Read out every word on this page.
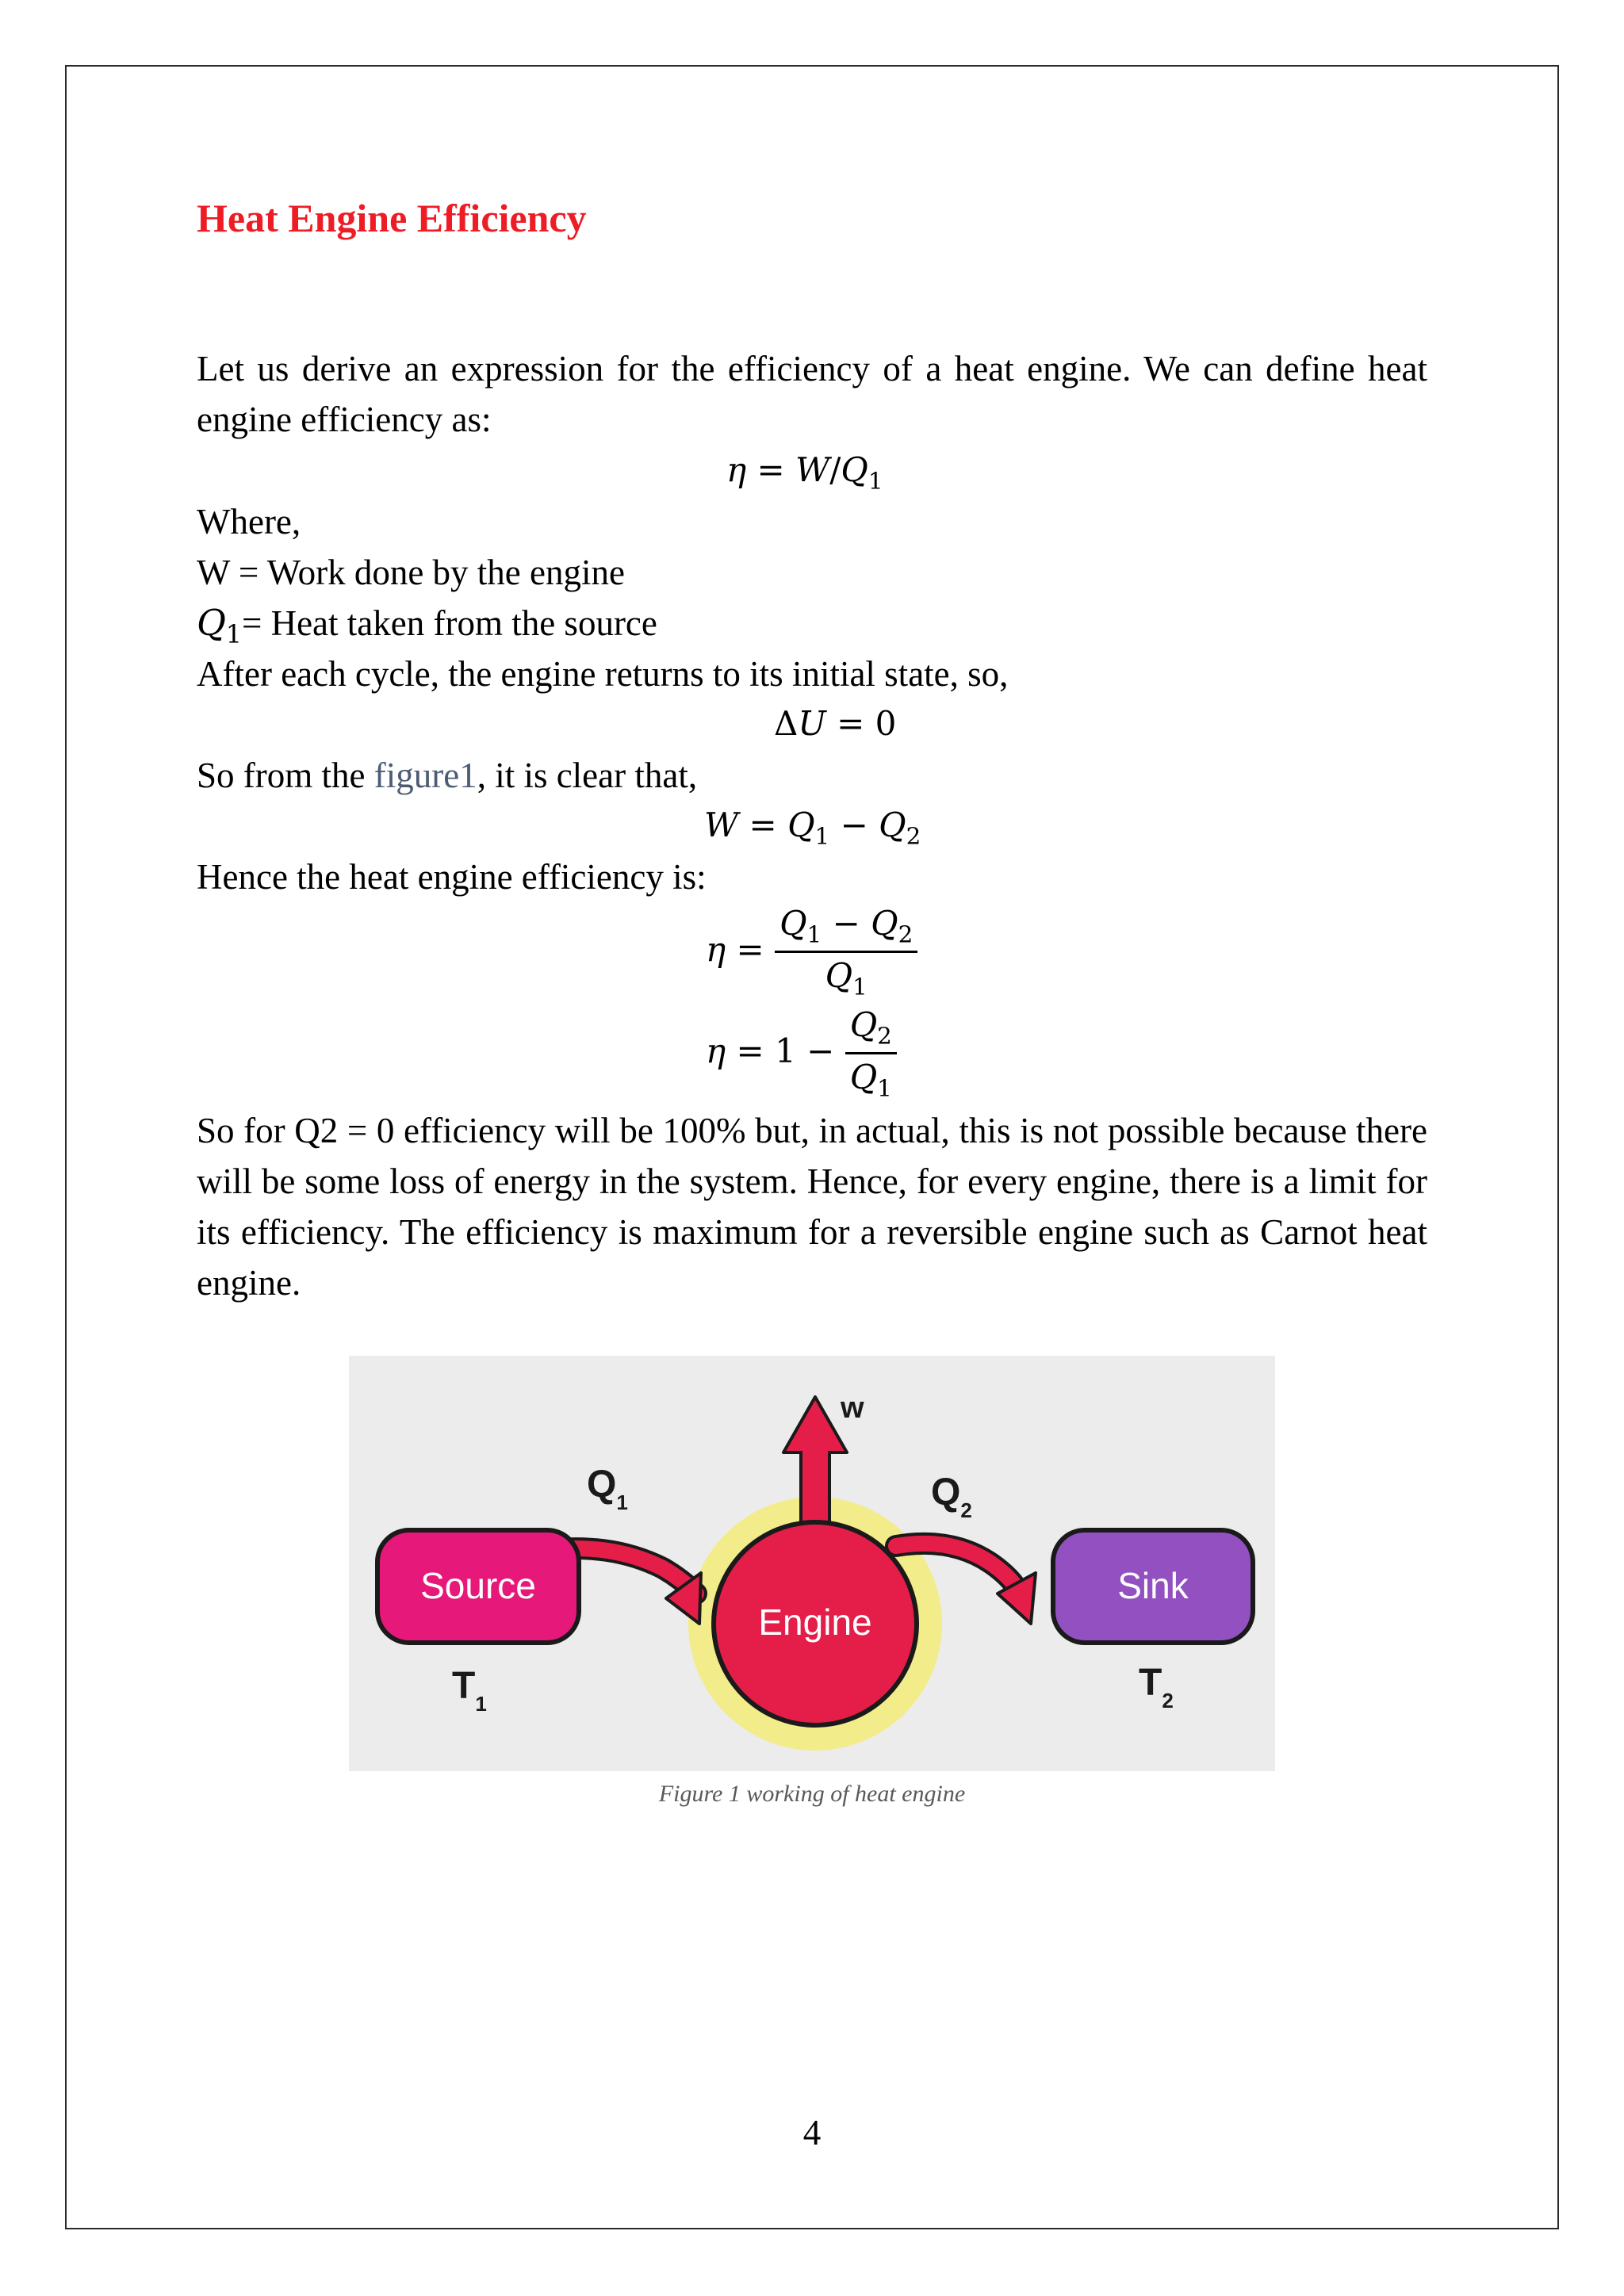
Heat Engine Efficiency
Let us derive an expression for the efficiency of a heat engine. We can define heat engine efficiency as:
$\eta = W/Q_1$
Where,
W = Work done by the engine
$Q_1=$ Heat taken from the source
After each cycle, the engine returns to its initial state, so,
ΔU = 0
So from the figure1, it is clear that,
$W = Q_1 - Q_2$
Hence the heat engine efficiency is:
$\eta = \frac{Q_1 - Q_2}{Q_1}$
$\eta = 1 - \frac{Q_2}{Q_1}$
So for Q2 = 0 efficiency will be 100% but, in actual, this is not possible because there will be some loss of energy in the system. Hence, for every engine, there is a limit for its efficiency. The efficiency is maximum for a reversible engine such as Carnot heat engine.
Engine
Source	Sink
w
$Q_1$	$Q_2$
$T_1$	$T_2$
Figure 1 working of heat engine
4
